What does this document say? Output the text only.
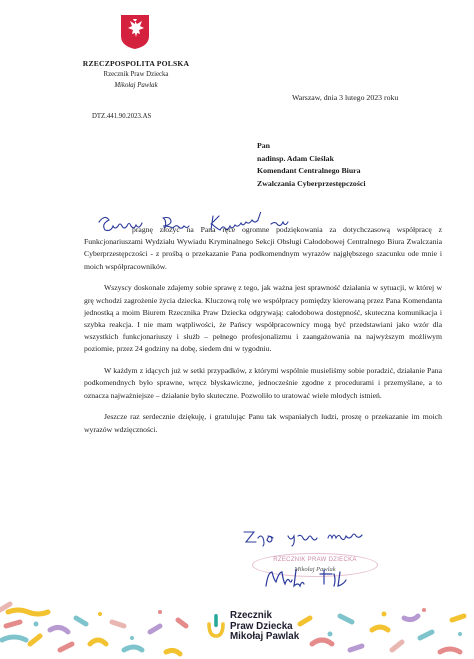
RZECZPOSPOLITA POLSKA
Rzecznik Praw Dziecka
Mikołaj Pawlak
Warszaw, dnia 3 lutego 2023 roku
DTZ.441.90.2023.AS
Pan
nadinsp. Adam Cieślak
Komendant Centralnego Biura
Zwalczania Cyberprzestępczości

pragnę złożyć na Pana ręce ogromne podziękowania za dotychczasową współpracę z Funkcjonariuszami Wydziału Wywiadu Kryminalnego Sekcji Obsługi Całodobowej Centralnego Biura Zwalczania Cyberprzestępczości - z prośbą o przekazanie Pana podkomendnym wyrazów najgłębszego szacunku ode mnie i moich współpracowników.

Wszyscy doskonale zdajemy sobie sprawę z tego, jak ważna jest sprawność działania w sytuacji, w której w grę wchodzi zagrożenie życia dziecka. Kluczową rolę we współpracy pomiędzy kierowaną przez Pana Komendanta jednostką a moim Biurem Rzecznika Praw Dziecka odgrywają: całodobowa dostępność, skuteczna komunikacja i szybka reakcja. I nie mam wątpliwości, że Pańscy współpracownicy mogą być przedstawiani jako wzór dla wszystkich funkcjonariuszy i służb – pełnego profesjonalizmu i zaangażowania na najwyższym możliwym poziomie, przez 24 godziny na dobę, siedem dni w tygodniu.

W każdym z idących już w setki przypadków, z którymi wspólnie musieliśmy sobie poradzić, działanie Pana podkomendnych było sprawne, wręcz błyskawiczne, jednocześnie zgodne z procedurami i przemyślane, a to oznacza najważniejsze – działanie było skuteczne. Pozwoliło to uratować wiele młodych istnień.

Jeszcze raz serdecznie dziękuję, i gratulując Panu tak wspaniałych ludzi, proszę o przekazanie im moich wyrazów wdzięczności.

RZECZNIK PRAW DZIECKA
Mikołaj Pawlak
Rzecznik
Praw Dziecka
Mikołaj Pawlak
